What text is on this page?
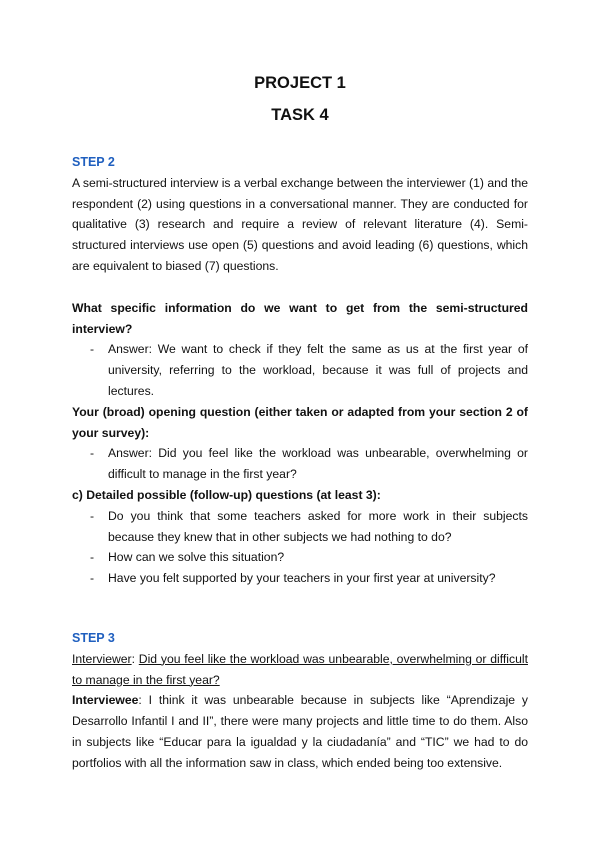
PROJECT 1
TASK 4
STEP 2

A semi-structured interview is a verbal exchange between the interviewer (1) and the respondent (2) using questions in a conversational manner. They are conducted for qualitative (3) research and require a review of relevant literature (4). Semi-structured interviews use open (5) questions and avoid leading (6) questions, which are equivalent to biased (7) questions.

What specific information do we want to get from the semi-structured interview?

- Answer: We want to check if they felt the same as us at the first year of university, referring to the workload, because it was full of projects and lectures.

Your (broad) opening question (either taken or adapted from your section 2 of your survey):

- Answer: Did you feel like the workload was unbearable, overwhelming or difficult to manage in the first year?

c) Detailed possible (follow-up) questions (at least 3):

- Do you think that some teachers asked for more work in their subjects because they knew that in other subjects we had nothing to do?
- How can we solve this situation?
- Have you felt supported by your teachers in your first year at university?
STEP 3

Interviewer: Did you feel like the workload was unbearable, overwhelming or difficult to manage in the first year?

Interviewee: I think it was unbearable because in subjects like “Aprendizaje y Desarrollo Infantil I and II”, there were many projects and little time to do them. Also in subjects like “Educar para la igualdad y la ciudadanía” and “TIC” we had to do portfolios with all the information saw in class, which ended being too extensive.
